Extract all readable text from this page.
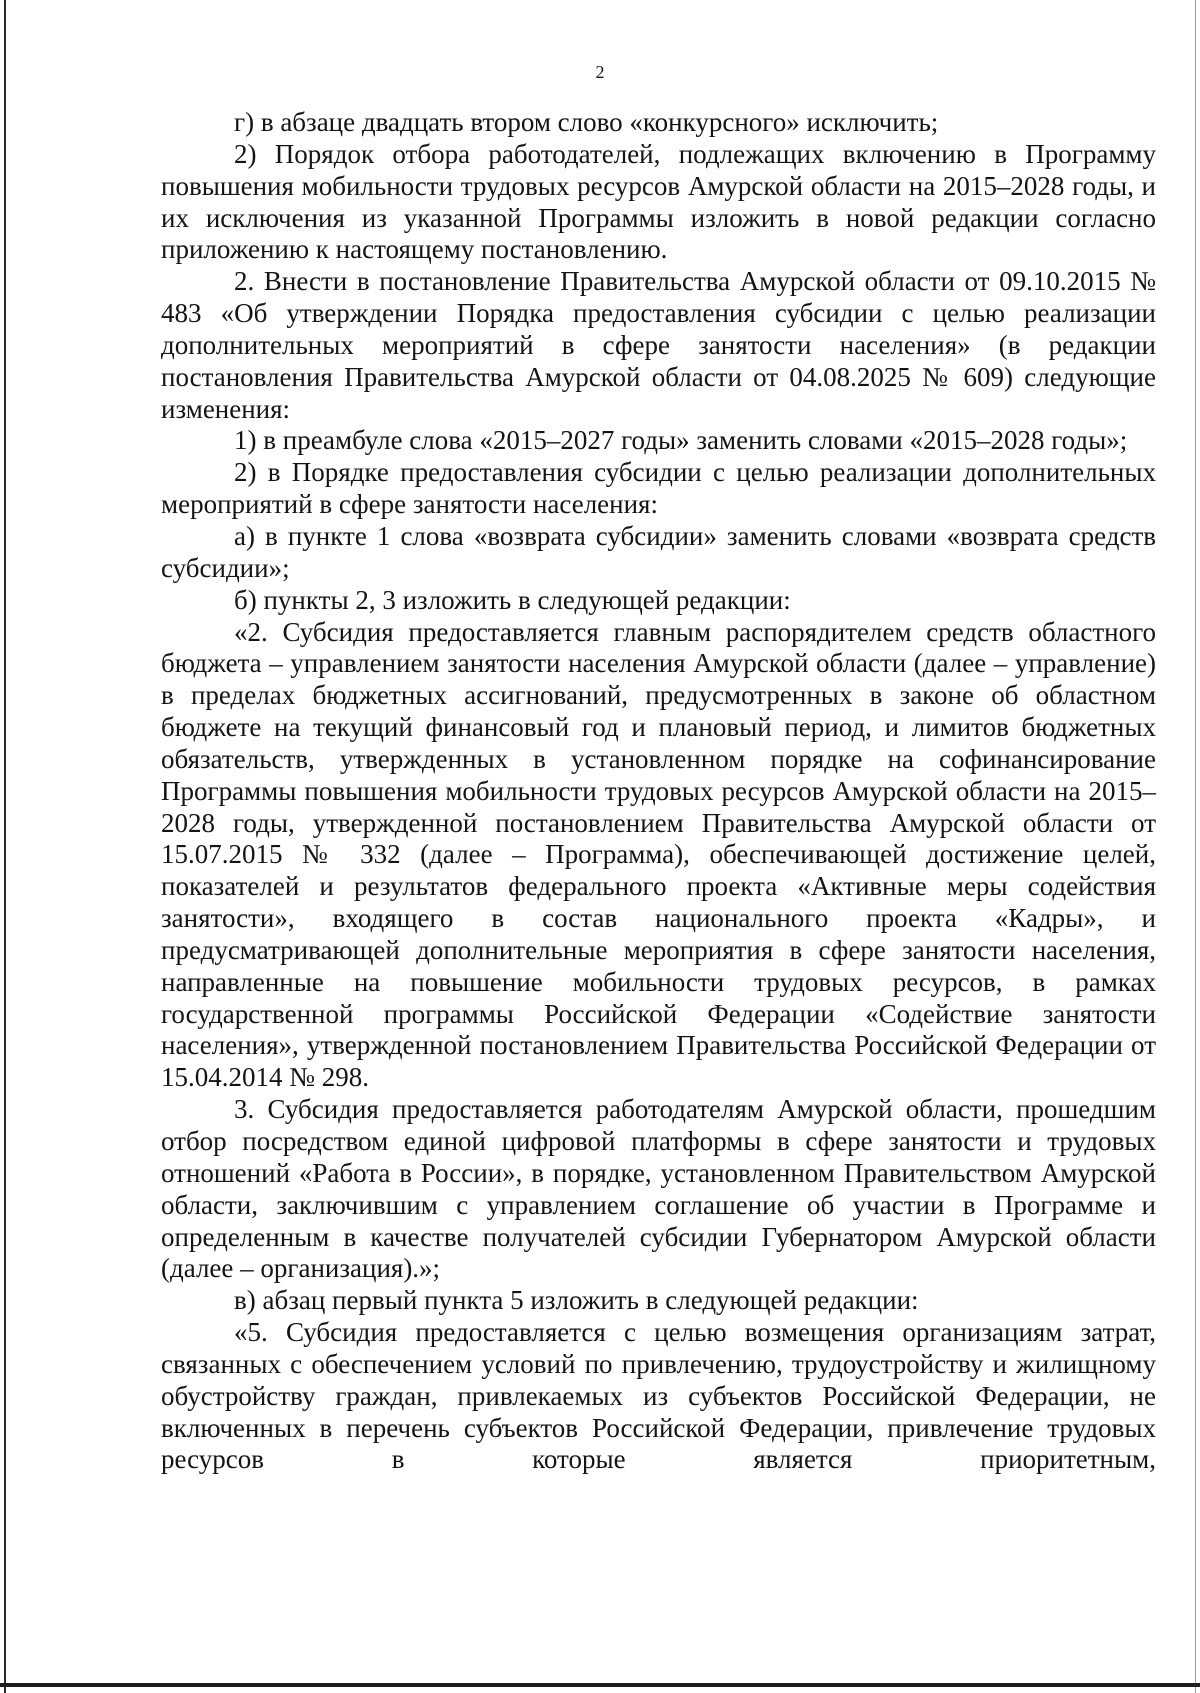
2

г) в абзаце двадцать втором слово «конкурсного» исключить;

2) Порядок отбора работодателей, подлежащих включению в Программу повышения мобильности трудовых ресурсов Амурской области на 2015–2028 годы, и их исключения из указанной Программы изложить в новой редакции согласно приложению к настоящему постановлению.

2. Внести в постановление Правительства Амурской области от 09.10.2015 № 483 «Об утверждении Порядка предоставления субсидии с целью реализации дополнительных мероприятий в сфере занятости населения» (в редакции постановления Правительства Амурской области от 04.08.2025 № 609) следующие изменения:

1) в преамбуле слова «2015–2027 годы» заменить словами «2015–2028 годы»;

2) в Порядке предоставления субсидии с целью реализации дополнительных мероприятий в сфере занятости населения:

а) в пункте 1 слова «возврата субсидии» заменить словами «возврата средств субсидии»;

б) пункты 2, 3 изложить в следующей редакции:

«2. Субсидия предоставляется главным распорядителем средств областного бюджета – управлением занятости населения Амурской области (далее – управление) в пределах бюджетных ассигнований, предусмотренных в законе об областном бюджете на текущий финансовый год и плановый период, и лимитов бюджетных обязательств, утвержденных в установленном порядке на софинансирование Программы повышения мобильности трудовых ресурсов Амурской области на 2015–2028 годы, утвержденной постановлением Правительства Амурской области от 15.07.2015 № 332 (далее – Программа), обеспечивающей достижение целей, показателей и результатов федерального проекта «Активные меры содействия занятости», входящего в состав национального проекта «Кадры», и предусматривающей дополнительные мероприятия в сфере занятости населения, направленные на повышение мобильности трудовых ресурсов, в рамках государственной программы Российской Федерации «Содействие занятости населения», утвержденной постановлением Правительства Российской Федерации от 15.04.2014 № 298.

3. Субсидия предоставляется работодателям Амурской области, прошедшим отбор посредством единой цифровой платформы в сфере занятости и трудовых отношений «Работа в России», в порядке, установленном Правительством Амурской области, заключившим с управлением соглашение об участии в Программе и определенным в качестве получателей субсидии Губернатором Амурской области (далее – организация).»;

в) абзац первый пункта 5 изложить в следующей редакции:

«5. Субсидия предоставляется с целью возмещения организациям затрат, связанных с обеспечением условий по привлечению, трудоустройству и жилищному обустройству граждан, привлекаемых из субъектов Российской Федерации, не включенных в перечень субъектов Российской Федерации, привлечение трудовых ресурсов в которые является приоритетным,
